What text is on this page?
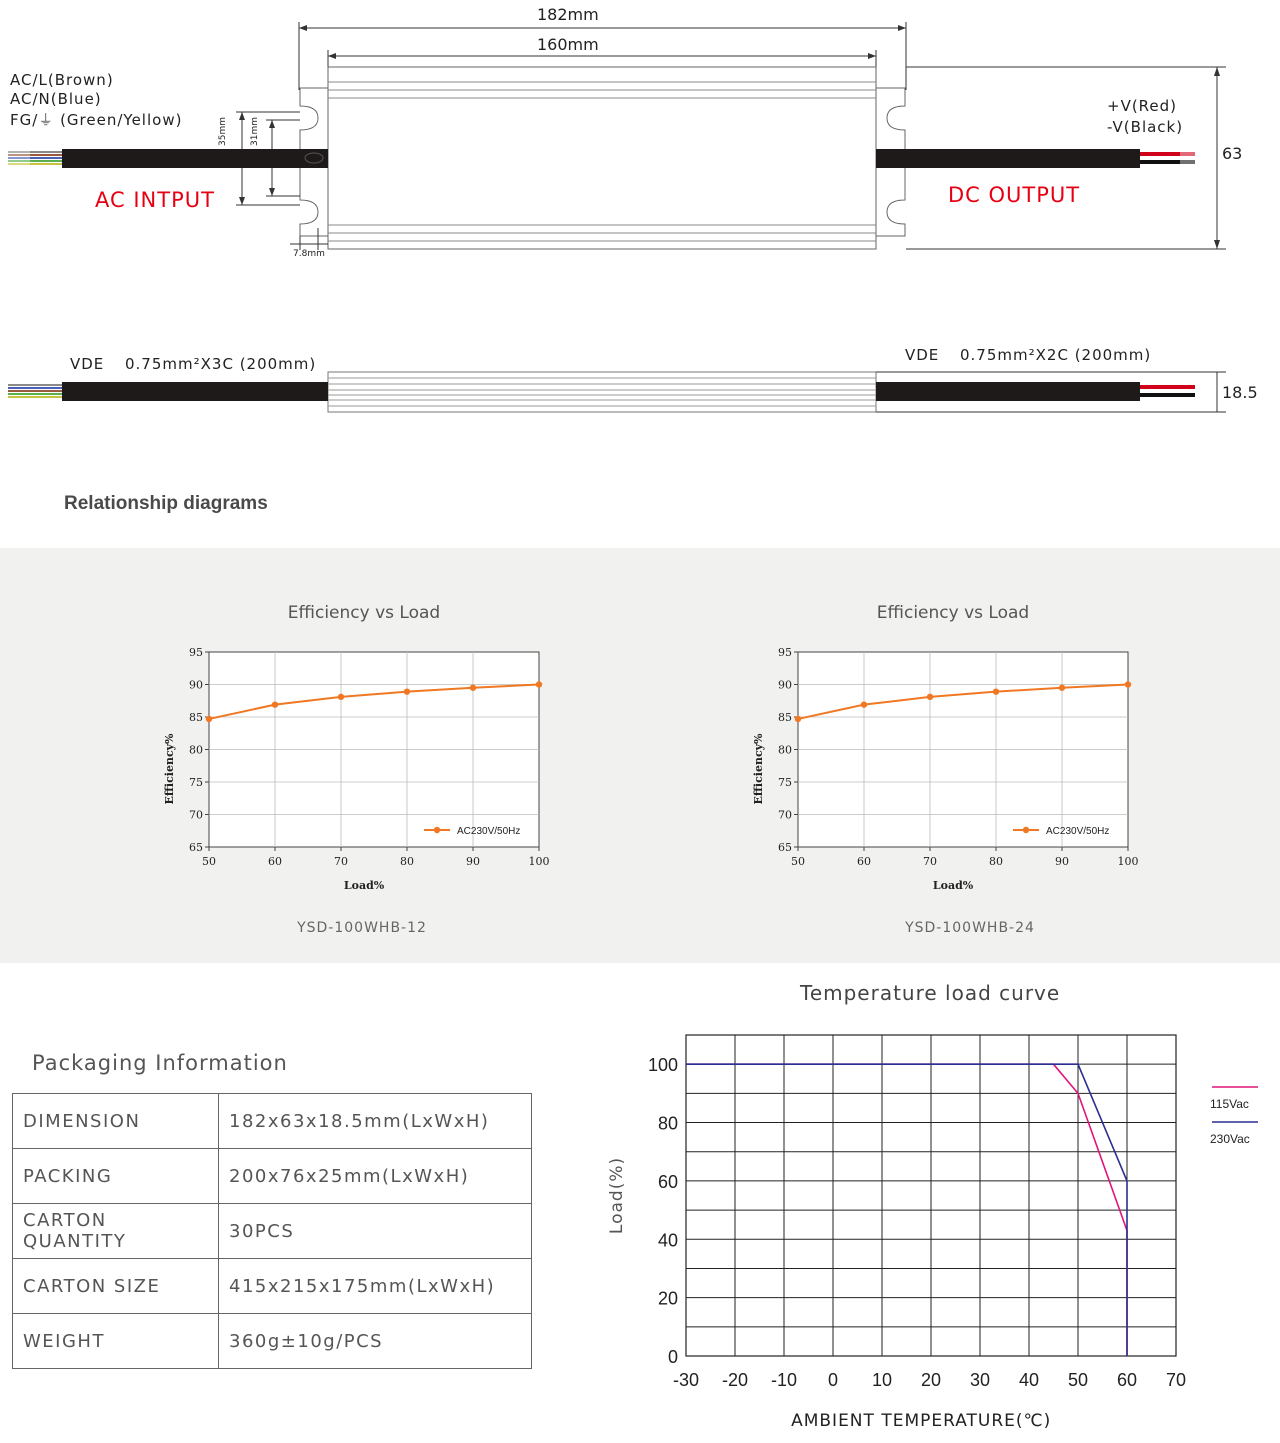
182mm
160mm
AC/L(Brown)
AC/N(Blue)
FG/⏚ (Green/Yellow)
+V(Red)
-V(Black)
35mm 31mm
7.8mm
63
AC INTPUT	DC OUTPUT
VDE 0.75mm²X3C (200mm)	VDE 0.75mm²X2C (200mm)
18.5
Relationship diagrams
Efficiency vs Load	Efficiency vs Load
65
70
75
80
85
90
95
50	60	70	80	90	100
Load%
Efficiency%
AC230V/50Hz
65
70
75
80
85
90
95
50	60	70	80	90	100
Load%
Efficiency%
AC230V/50Hz
YSD-100WHB-12	YSD-100WHB-24
Packaging Information
DIMENSION	182x63x18.5mm(LxWxH)
PACKING	200x76x25mm(LxWxH)
CARTON QUANTITY	30PCS
CARTON SIZE	415x215x175mm(LxWxH)
WEIGHT	360g±10g/PCS
Temperature load curve
0
20
40
60
80
100
-30 -20 -10 0 10 20 30 40 50 60 70
AMBIENT TEMPERATURE(℃)
Load(%)
115Vac
230Vac
